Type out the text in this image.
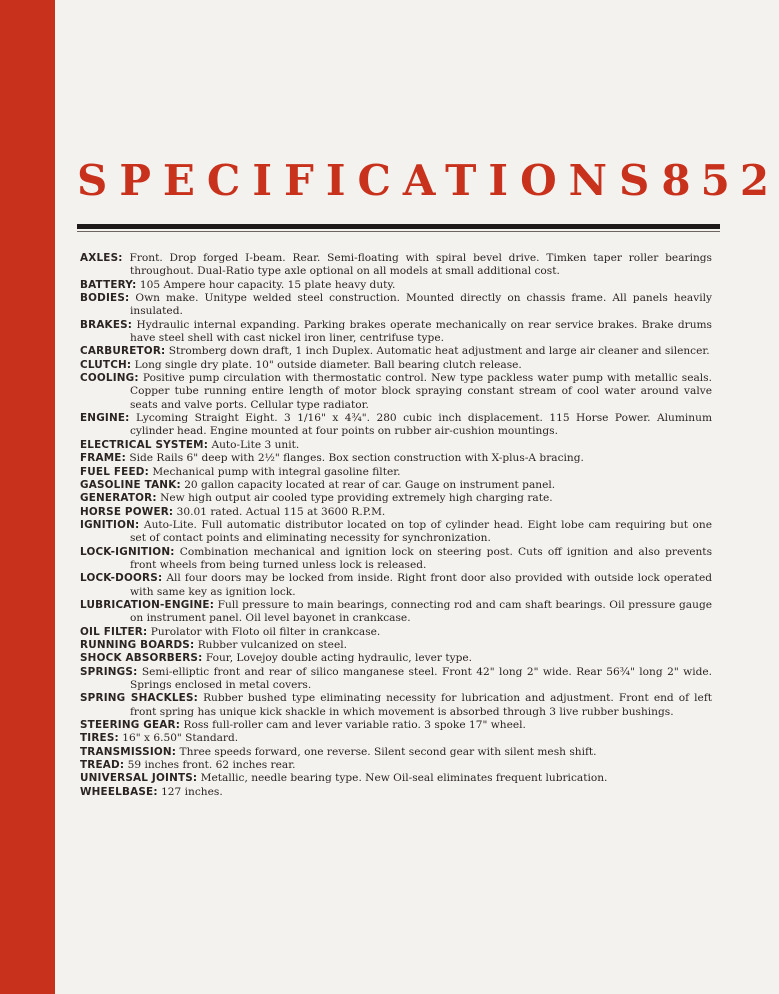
SPECIFICATIONS 852
AXLES: Front. Drop forged I-beam. Rear. Semi-floating with spiral bevel drive. Timken taper roller bearings throughout. Dual-Ratio type axle optional on all models at small additional cost.
BATTERY: 105 Ampere hour capacity. 15 plate heavy duty.
BODIES: Own make. Unitype welded steel construction. Mounted directly on chassis frame. All panels heavily insulated.
BRAKES: Hydraulic internal expanding. Parking brakes operate mechanically on rear service brakes. Brake drums have steel shell with cast nickel iron liner, centrifuse type.
CARBURETOR: Stromberg down draft, 1 inch Duplex. Automatic heat adjustment and large air cleaner and silencer.
CLUTCH: Long single dry plate. 10" outside diameter. Ball bearing clutch release.
COOLING: Positive pump circulation with thermostatic control. New type packless water pump with metallic seals. Copper tube running entire length of motor block spraying constant stream of cool water around valve seats and valve ports. Cellular type radiator.
ENGINE: Lycoming Straight Eight. 3 1/16" x 4¾". 280 cubic inch displacement. 115 Horse Power. Aluminum cylinder head. Engine mounted at four points on rubber air-cushion mountings.
ELECTRICAL SYSTEM: Auto-Lite 3 unit.
FRAME: Side Rails 6" deep with 2½" flanges. Box section construction with X-plus-A bracing.
FUEL FEED: Mechanical pump with integral gasoline filter.
GASOLINE TANK: 20 gallon capacity located at rear of car. Gauge on instrument panel.
GENERATOR: New high output air cooled type providing extremely high charging rate.
HORSE POWER: 30.01 rated. Actual 115 at 3600 R.P.M.
IGNITION: Auto-Lite. Full automatic distributor located on top of cylinder head. Eight lobe cam requiring but one set of contact points and eliminating necessity for synchronization.
LOCK-IGNITION: Combination mechanical and ignition lock on steering post. Cuts off ignition and also prevents front wheels from being turned unless lock is released.
LOCK-DOORS: All four doors may be locked from inside. Right front door also provided with outside lock operated with same key as ignition lock.
LUBRICATION-ENGINE: Full pressure to main bearings, connecting rod and cam shaft bearings. Oil pressure gauge on instrument panel. Oil level bayonet in crankcase.
OIL FILTER: Purolator with Floto oil filter in crankcase.
RUNNING BOARDS: Rubber vulcanized on steel.
SHOCK ABSORBERS: Four, Lovejoy double acting hydraulic, lever type.
SPRINGS: Semi-elliptic front and rear of silico manganese steel. Front 42" long 2" wide. Rear 56¾" long 2" wide. Springs enclosed in metal covers.
SPRING SHACKLES: Rubber bushed type eliminating necessity for lubrication and adjustment. Front end of left front spring has unique kick shackle in which movement is absorbed through 3 live rubber bushings.
STEERING GEAR: Ross full-roller cam and lever variable ratio. 3 spoke 17" wheel.
TIRES: 16" x 6.50" Standard.
TRANSMISSION: Three speeds forward, one reverse. Silent second gear with silent mesh shift.
TREAD: 59 inches front. 62 inches rear.
UNIVERSAL JOINTS: Metallic, needle bearing type. New Oil-seal eliminates frequent lubrication.
WHEELBASE: 127 inches.
